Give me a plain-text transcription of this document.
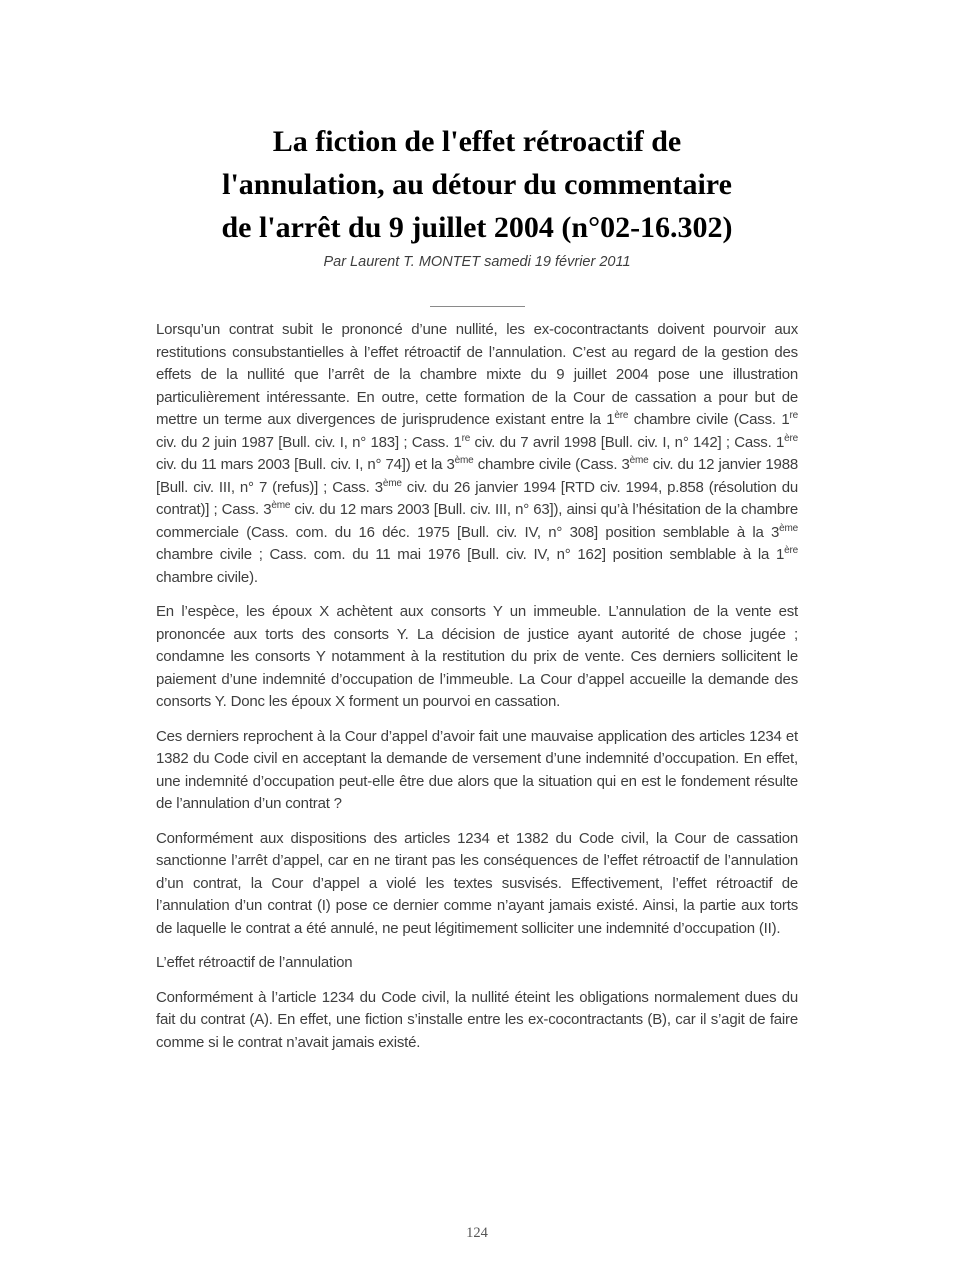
La fiction de l'effet rétroactif de
l'annulation, au détour du commentaire
de l'arrêt du 9 juillet 2004 (n°02-16.302)
Par Laurent T. MONTET samedi 19 février 2011

Lorsqu’un contrat subit le prononcé d’une nullité, les ex-cocontractants doivent pourvoir aux restitutions consubstantielles à l’effet rétroactif de l’annulation. C’est au regard de la gestion des effets de la nullité que l’arrêt de la chambre mixte du 9 juillet 2004 pose une illustration particulièrement intéressante. En outre, cette formation de la Cour de cassation a pour but de mettre un terme aux divergences de jurisprudence existant entre la 1ère chambre civile (Cass. 1re civ. du 2 juin 1987 [Bull. civ. I, n° 183] ; Cass. 1re civ. du 7 avril 1998 [Bull. civ. I, n° 142] ; Cass. 1ère civ. du 11 mars 2003 [Bull. civ. I, n° 74]) et la 3ème chambre civile (Cass. 3ème civ. du 12 janvier 1988 [Bull. civ. III, n° 7 (refus)] ; Cass. 3ème civ. du 26 janvier 1994 [RTD civ. 1994, p.858 (résolution du contrat)] ; Cass. 3ème civ. du 12 mars 2003 [Bull. civ. III, n° 63]), ainsi qu’à l’hésitation de la chambre commerciale (Cass. com. du 16 déc. 1975 [Bull. civ. IV, n° 308] position semblable à la 3ème chambre civile ; Cass. com. du 11 mai 1976 [Bull. civ. IV, n° 162] position semblable à la 1ère chambre civile).

En l’espèce, les époux X achètent aux consorts Y un immeuble. L’annulation de la vente est prononcée aux torts des consorts Y. La décision de justice ayant autorité de chose jugée ; condamne les consorts Y notamment à la restitution du prix de vente. Ces derniers sollicitent le paiement d’une indemnité d’occupation de l’immeuble. La Cour d’appel accueille la demande des consorts Y. Donc les époux X forment un pourvoi en cassation.

Ces derniers reprochent à la Cour d’appel d’avoir fait une mauvaise application des articles 1234 et 1382 du Code civil en acceptant la demande de versement d’une indemnité d’occupation. En effet, une indemnité d’occupation peut-elle être due alors que la situation qui en est le fondement résulte de l’annulation d’un contrat ?

Conformément aux dispositions des articles 1234 et 1382 du Code civil, la Cour de cassation sanctionne l’arrêt d’appel, car en ne tirant pas les conséquences de l’effet rétroactif de l’annulation d’un contrat, la Cour d’appel a violé les textes susvisés. Effectivement, l’effet rétroactif de l’annulation d’un contrat (I) pose ce dernier comme n’ayant jamais existé. Ainsi, la partie aux torts de laquelle le contrat a été annulé, ne peut légitimement solliciter une indemnité d’occupation (II).

L’effet rétroactif de l’annulation

Conformément à l’article 1234 du Code civil, la nullité éteint les obligations normalement dues du fait du contrat (A). En effet, une fiction s’installe entre les ex-cocontractants (B), car il s’agit de faire comme si le contrat n’avait jamais existé.

124
